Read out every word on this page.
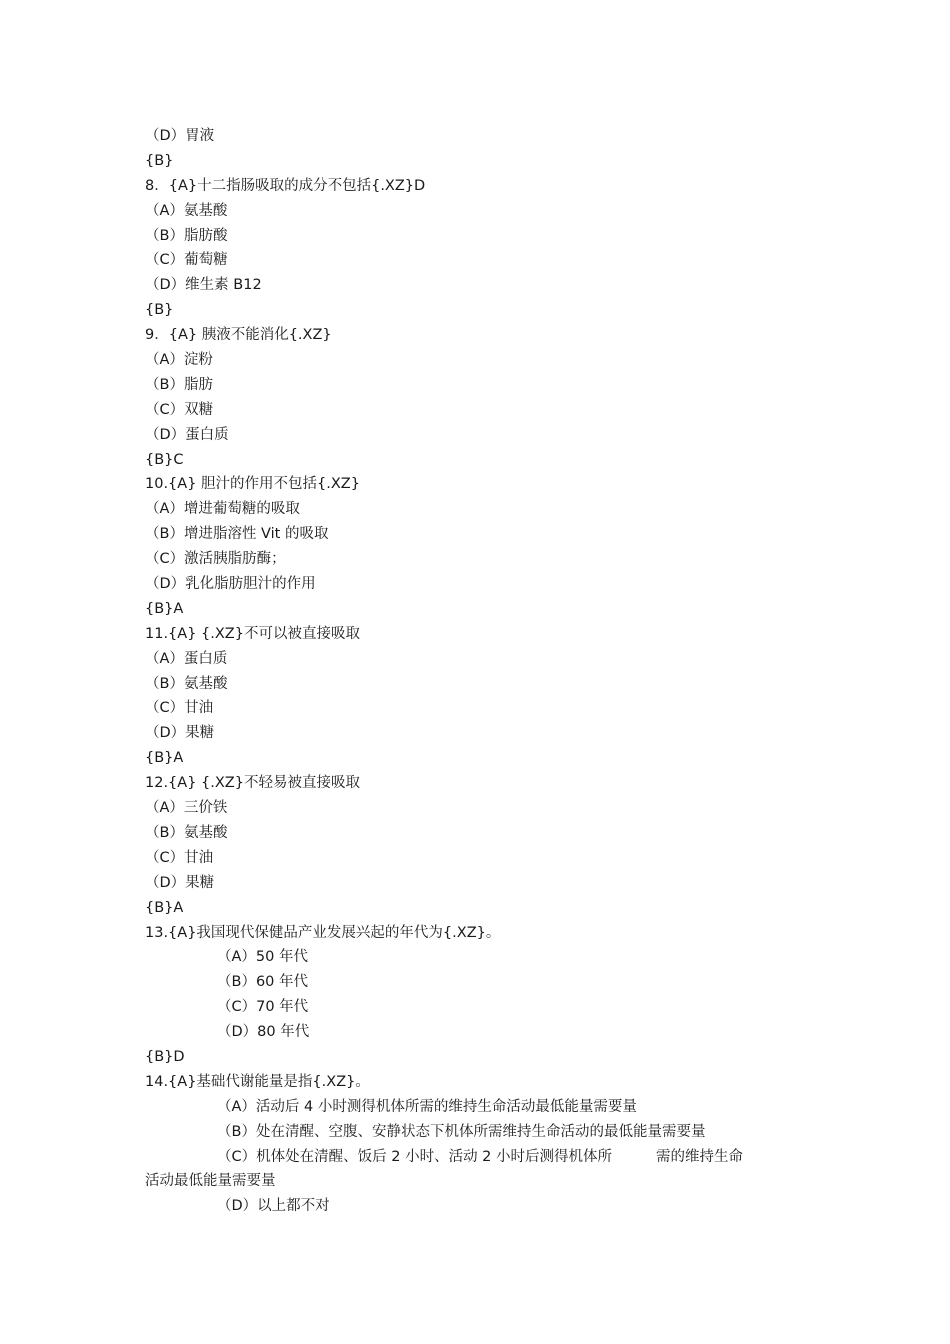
（D）胃液
{B}
8．{A}十二指肠吸取的成分不包括{.XZ}D
（A）氨基酸
（B）脂肪酸
（C）葡萄糖
（D）维生素 B12
{B}
9．{A} 胰液不能消化{.XZ}
（A）淀粉
（B）脂肪
（C）双糖
（D）蛋白质
{B}C
10.{A} 胆汁的作用不包括{.XZ}
（A）增进葡萄糖的吸取
（B）增进脂溶性 Vit 的吸取
（C）激活胰脂肪酶；
（D）乳化脂肪胆汁的作用
{B}A
11.{A} {.XZ}不可以被直接吸取
（A）蛋白质
（B）氨基酸
（C）甘油
（D）果糖
{B}A
12.{A} {.XZ}不轻易被直接吸取
（A）三价铁
（B）氨基酸
（C）甘油
（D）果糖
{B}A
13.{A}我国现代保健品产业发展兴起的年代为{.XZ}。
（A）50 年代
（B）60 年代
（C）70 年代
（D）80 年代
{B}D
14.{A}基础代谢能量是指{.XZ}。
（A）活动后 4 小时测得机体所需的维持生命活动最低能量需要量
（B）处在清醒、空腹、安静状态下机体所需维持生命活动的最低能量需要量
（C）机体处在清醒、饭后 2 小时、活动 2 小时后测得机体所	需的维持生命
活动最低能量需要量
（D）以上都不对
